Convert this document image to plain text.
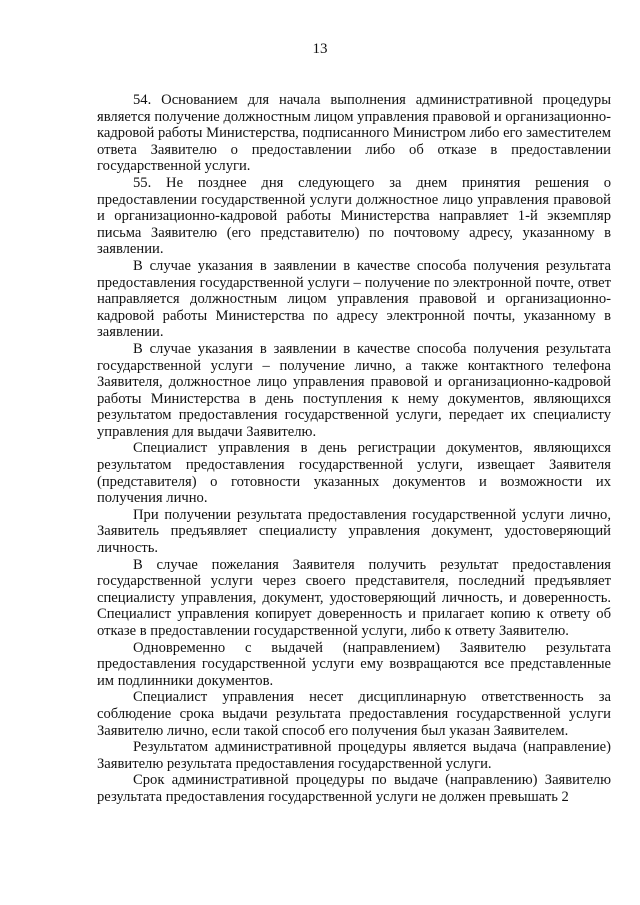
13

54. Основанием для начала выполнения административной процедуры является получение должностным лицом управления правовой и организационно-кадровой работы Министерства, подписанного Министром либо его заместителем ответа Заявителю о предоставлении либо об отказе в предоставлении государственной услуги.

55. Не позднее дня следующего за днем принятия решения о предоставлении государственной услуги должностное лицо управления правовой и организационно-кадровой работы Министерства направляет 1-й экземпляр письма Заявителю (его представителю) по почтовому адресу, указанному в заявлении.

В случае указания в заявлении в качестве способа получения результата предоставления государственной услуги – получение по электронной почте, ответ направляется должностным лицом управления правовой и организационно-кадровой работы Министерства по адресу электронной почты, указанному в заявлении.

В случае указания в заявлении в качестве способа получения результата государственной услуги – получение лично, а также контактного телефона Заявителя, должностное лицо управления правовой и организационно-кадровой работы Министерства в день поступления к нему документов, являющихся результатом предоставления государственной услуги, передает их специалисту управления для выдачи Заявителю.

Специалист управления в день регистрации документов, являющихся результатом предоставления государственной услуги, извещает Заявителя (представителя) о готовности указанных документов и возможности их получения лично.

При получении результата предоставления государственной услуги лично, Заявитель предъявляет специалисту управления документ, удостоверяющий личность.

В случае пожелания Заявителя получить результат предоставления государственной услуги через своего представителя, последний предъявляет специалисту управления, документ, удостоверяющий личность, и доверенность. Специалист управления копирует доверенность и прилагает копию к ответу об отказе в предоставлении государственной услуги, либо к ответу Заявителю.

Одновременно с выдачей (направлением) Заявителю результата предоставления государственной услуги ему возвращаются все представленные им подлинники документов.

Специалист управления несет дисциплинарную ответственность за соблюдение срока выдачи результата предоставления государственной услуги Заявителю лично, если такой способ его получения был указан Заявителем.

Результатом административной процедуры является выдача (направление) Заявителю результата предоставления государственной услуги.

Срок административной процедуры по выдаче (направлению) Заявителю результата предоставления государственной услуги не должен превышать 2
